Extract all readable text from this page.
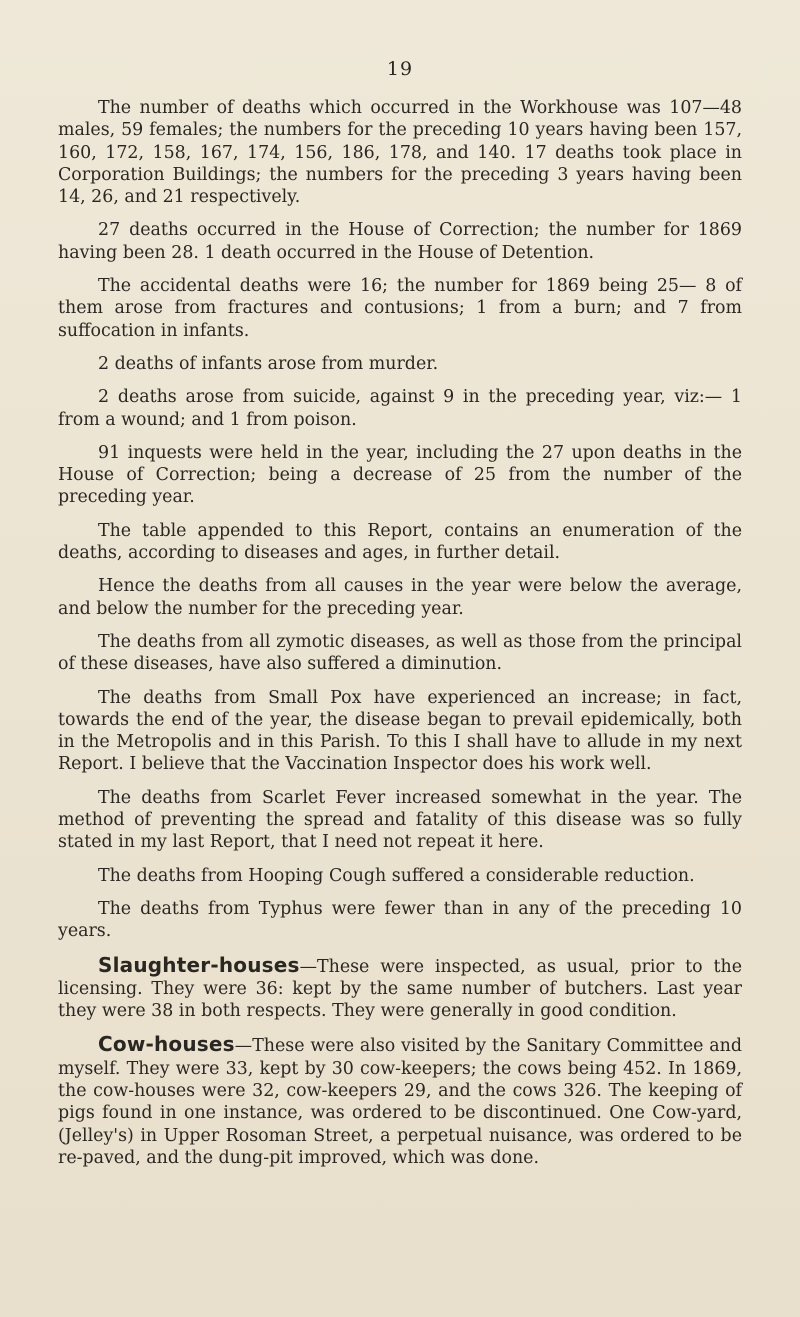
19

The number of deaths which occurred in the Workhouse was 107—48 males, 59 females; the numbers for the preceding 10 years having been 157, 160, 172, 158, 167, 174, 156, 186, 178, and 140. 17 deaths took place in Corporation Buildings; the numbers for the preceding 3 years having been 14, 26, and 21 respectively.

27 deaths occurred in the House of Correction; the number for 1869 having been 28. 1 death occurred in the House of Detention.

The accidental deaths were 16; the number for 1869 being 25— 8 of them arose from fractures and contusions; 1 from a burn; and 7 from suffocation in infants.

2 deaths of infants arose from murder.

2 deaths arose from suicide, against 9 in the preceding year, viz:— 1 from a wound; and 1 from poison.

91 inquests were held in the year, including the 27 upon deaths in the House of Correction; being a decrease of 25 from the number of the preceding year.

The table appended to this Report, contains an enumeration of the deaths, according to diseases and ages, in further detail.

Hence the deaths from all causes in the year were below the average, and below the number for the preceding year.

The deaths from all zymotic diseases, as well as those from the principal of these diseases, have also suffered a diminution.

The deaths from Small Pox have experienced an increase; in fact, towards the end of the year, the disease began to prevail epidemically, both in the Metropolis and in this Parish. To this I shall have to allude in my next Report. I believe that the Vaccination Inspector does his work well.

The deaths from Scarlet Fever increased somewhat in the year. The method of preventing the spread and fatality of this disease was so fully stated in my last Report, that I need not repeat it here.

The deaths from Hooping Cough suffered a considerable reduction.

The deaths from Typhus were fewer than in any of the preceding 10 years.

Slaughter-houses—These were inspected, as usual, prior to the licensing. They were 36: kept by the same number of butchers. Last year they were 38 in both respects. They were generally in good condition.

Cow-houses—These were also visited by the Sanitary Committee and myself. They were 33, kept by 30 cow-keepers; the cows being 452. In 1869, the cow-houses were 32, cow-keepers 29, and the cows 326. The keeping of pigs found in one instance, was ordered to be discontinued. One Cow-yard, (Jelley's) in Upper Rosoman Street, a perpetual nuisance, was ordered to be re-paved, and the dung-pit improved, which was done.
